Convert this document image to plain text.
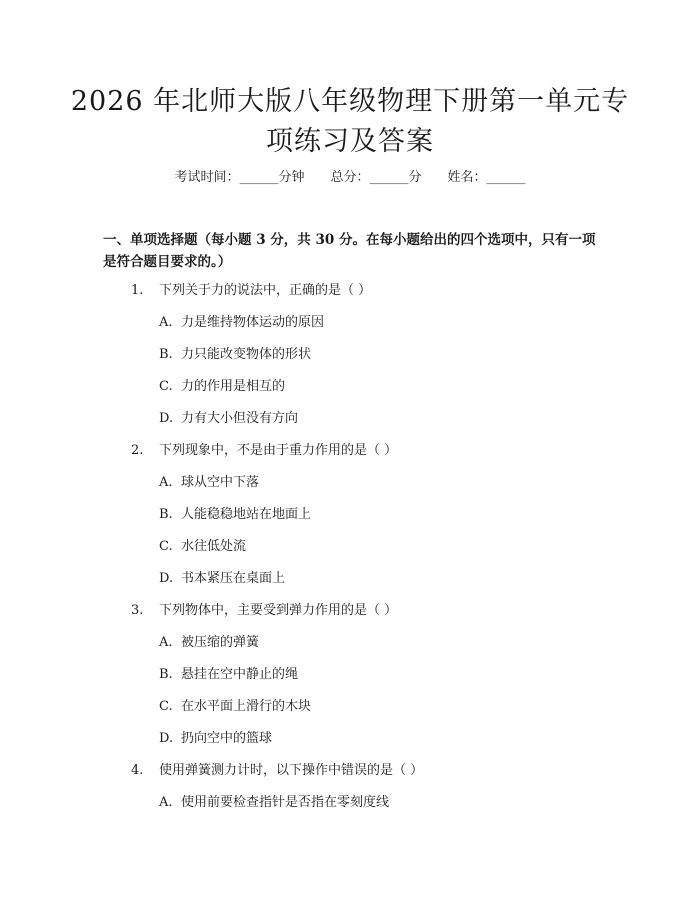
2026 年北师大版八年级物理下册第一单元专
项练习及答案
考试时间：______分钟 总分：______分 姓名：______
一、单项选择题（每小题 3 分，共 30 分。在每小题给出的四个选项中，只有一项
是符合题目要求的。）
1. 下列关于力的说法中，正确的是（ ）
A. 力是维持物体运动的原因
B. 力只能改变物体的形状
C. 力的作用是相互的
D. 力有大小但没有方向
2. 下列现象中，不是由于重力作用的是（ ）
A. 球从空中下落
B. 人能稳稳地站在地面上
C. 水往低处流
D. 书本紧压在桌面上
3. 下列物体中，主要受到弹力作用的是（ ）
A. 被压缩的弹簧
B. 悬挂在空中静止的绳
C. 在水平面上滑行的木块
D. 扔向空中的篮球
4. 使用弹簧测力计时，以下操作中错误的是（ ）
A. 使用前要检查指针是否指在零刻度线
